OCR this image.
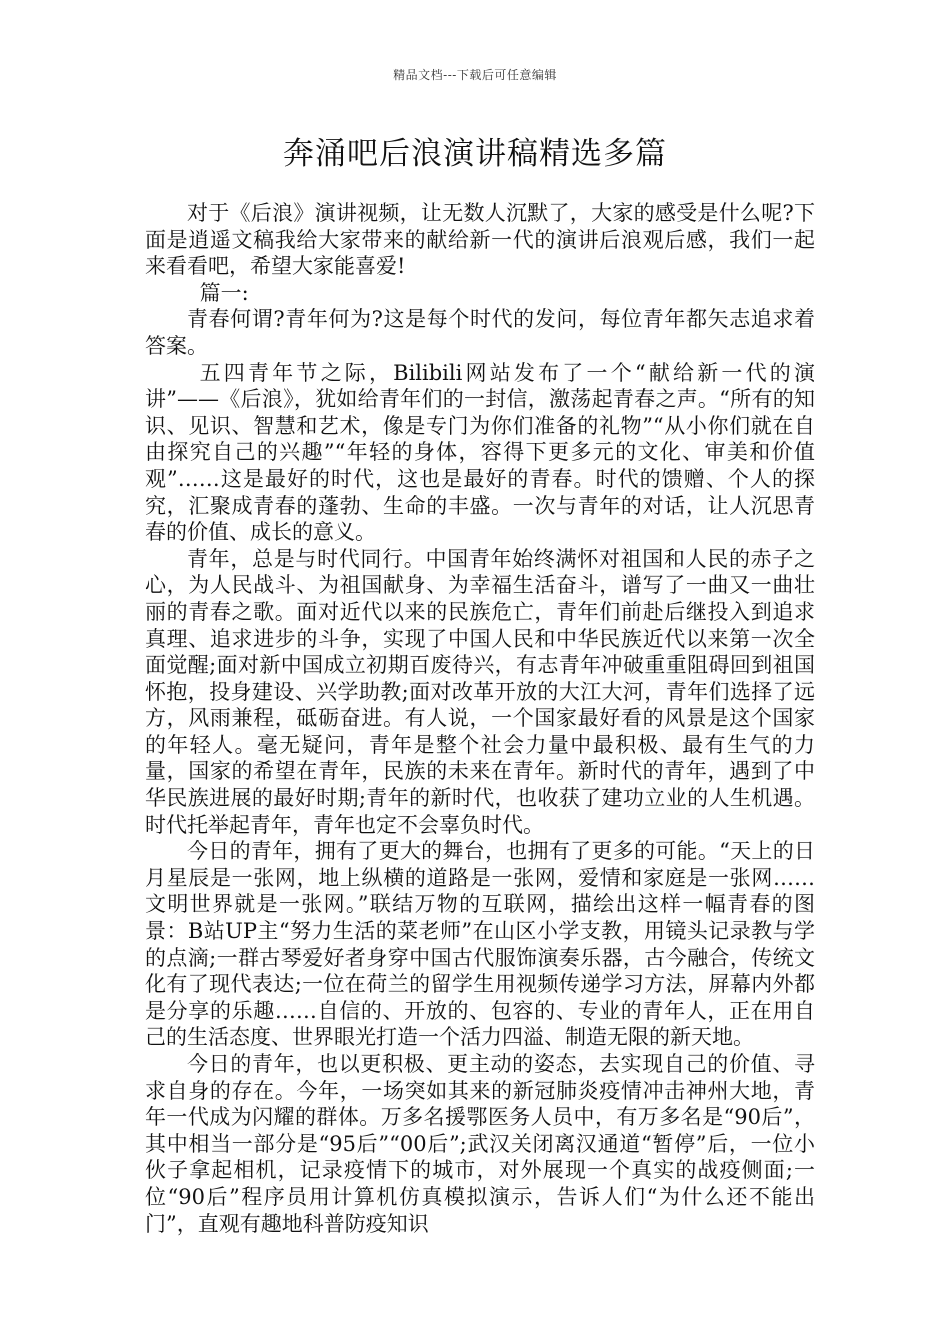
精品文档---下载后可任意编辑
奔涌吧后浪演讲稿精选多篇

对于《后浪》演讲视频，让无数人沉默了，大家的感受是什么呢?下面是逍遥文稿我给大家带来的献给新一代的演讲后浪观后感，我们一起来看看吧，希望大家能喜爱!

篇一:

青春何谓?青年何为?这是每个时代的发问，每位青年都矢志追求着答案。

五四青年节之际，Bilibili网站发布了一个“献给新一代的演讲”——《后浪》，犹如给青年们的一封信，激荡起青春之声。“所有的知识、见识、智慧和艺术，像是专门为你们准备的礼物”“从小你们就在自由探究自己的兴趣”“年轻的身体，容得下更多元的文化、审美和价值观”……这是最好的时代，这也是最好的青春。时代的馈赠、个人的探究，汇聚成青春的蓬勃、生命的丰盛。一次与青年的对话，让人沉思青春的价值、成长的意义。

青年，总是与时代同行。中国青年始终满怀对祖国和人民的赤子之心，为人民战斗、为祖国献身、为幸福生活奋斗，谱写了一曲又一曲壮丽的青春之歌。面对近代以来的民族危亡，青年们前赴后继投入到追求真理、追求进步的斗争，实现了中国人民和中华民族近代以来第一次全面觉醒;面对新中国成立初期百废待兴，有志青年冲破重重阻碍回到祖国怀抱，投身建设、兴学助教;面对改革开放的大江大河，青年们选择了远方，风雨兼程，砥砺奋进。有人说，一个国家最好看的风景是这个国家的年轻人。毫无疑问，青年是整个社会力量中最积极、最有生气的力量，国家的希望在青年，民族的未来在青年。新时代的青年，遇到了中华民族进展的最好时期;青年的新时代，也收获了建功立业的人生机遇。时代托举起青年，青年也定不会辜负时代。

今日的青年，拥有了更大的舞台，也拥有了更多的可能。“天上的日月星辰是一张网，地上纵横的道路是一张网，爱情和家庭是一张网……文明世界就是一张网。”联结万物的互联网，描绘出这样一幅青春的图景：B站UP主“努力生活的菜老师”在山区小学支教，用镜头记录教与学的点滴;一群古琴爱好者身穿中国古代服饰演奏乐器，古今融合，传统文化有了现代表达;一位在荷兰的留学生用视频传递学习方法，屏幕内外都是分享的乐趣……自信的、开放的、包容的、专业的青年人，正在用自己的生活态度、世界眼光打造一个活力四溢、制造无限的新天地。

今日的青年，也以更积极、更主动的姿态，去实现自己的价值、寻求自身的存在。今年，一场突如其来的新冠肺炎疫情冲击神州大地，青年一代成为闪耀的群体。万多名援鄂医务人员中，有万多名是“90后”，其中相当一部分是“95后”“00后”;武汉关闭离汉通道“暂停”后，一位小伙子拿起相机，记录疫情下的城市，对外展现一个真实的战疫侧面;一位“90后”程序员用计算机仿真模拟演示，告诉人们“为什么还不能出门”，直观有趣地科普防疫知识
